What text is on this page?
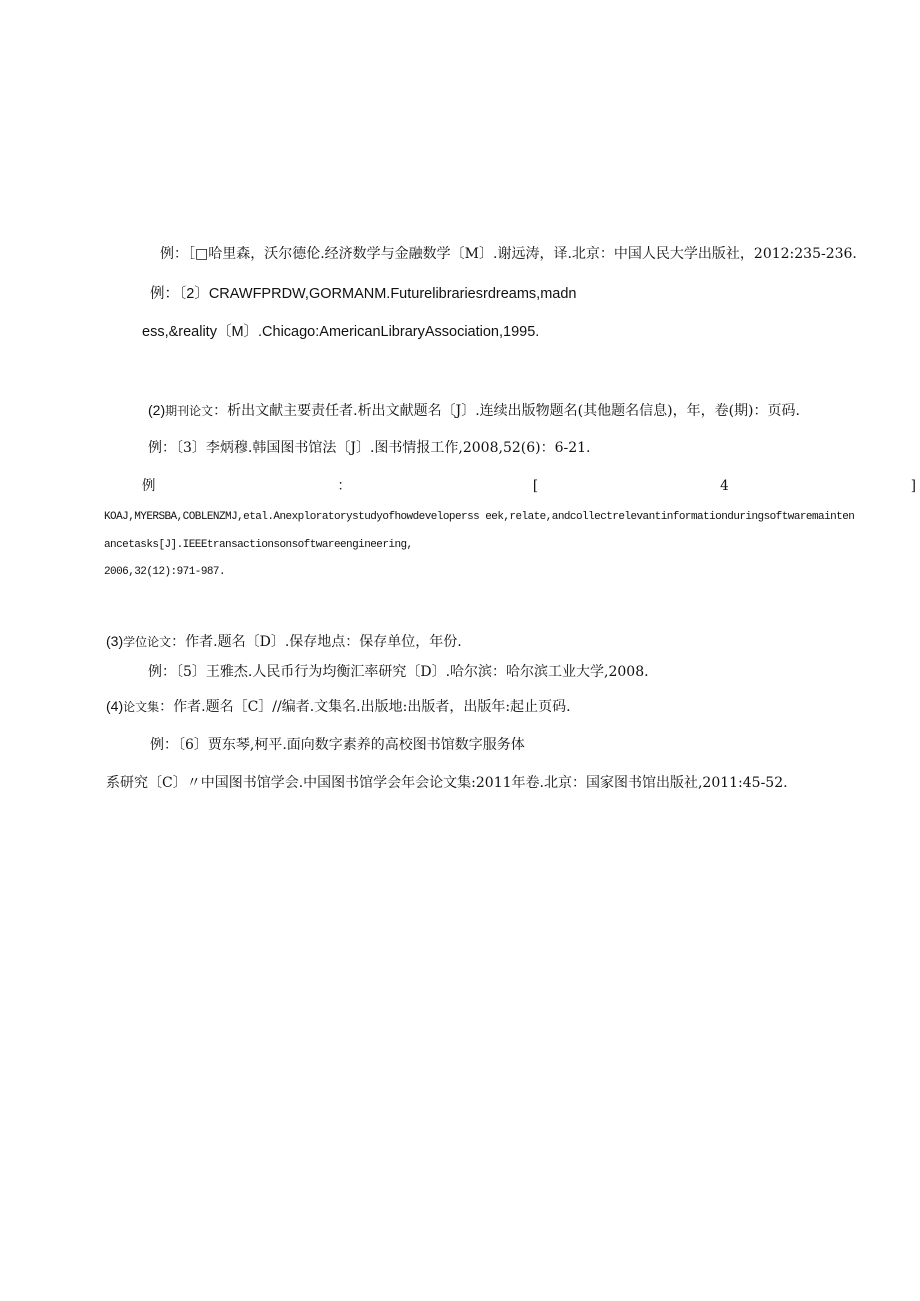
例：［□哈里森，沃尔德伦.经济数学与金融数学〔M〕.谢远涛，译.北京：中国人民大学出版社，2012:235-236.
例：〔2〕CRAWFPRDW,GORMANM.Futurelibrariesrdreams,madn
ess,&reality〔M〕.Chicago:AmericanLibraryAssociation,1995.
(2)期刊论文：析出文献主要责任者.析出文献题名〔J〕.连续出版物题名(其他题名信息)，年，卷(期)：页码.
例：〔3〕李炳穆.韩国图书馆法〔J〕.图书情报工作,2008,52(6)：6-21.
例	：	[	4	]
KOAJ,MYERSBA,COBLENZMJ,etal.Anexploratorystudyofhowdeveloperss eek,relate,andcollectrelevantinformationduringsoftwaremainten
ancetasks[J].IEEEtransactionsonsoftwareengineering,
2006,32(12):971-987.
(3)学位论文：作者.题名〔D〕.保存地点：保存单位，年份.
例：〔5〕王雅杰.人民币行为均衡汇率研究〔D〕.哈尔滨：哈尔滨工业大学,2008.
(4)论文集：作者.题名［C］//编者.文集名.出版地:出版者，出版年:起止页码.
例：〔6〕贾东琴,柯平.面向数字素养的高校图书馆数字服务体
系研究〔C〕〃中国图书馆学会.中国图书馆学会年会论文集:2011年卷.北京：国家图书馆出版社,2011:45-52.
